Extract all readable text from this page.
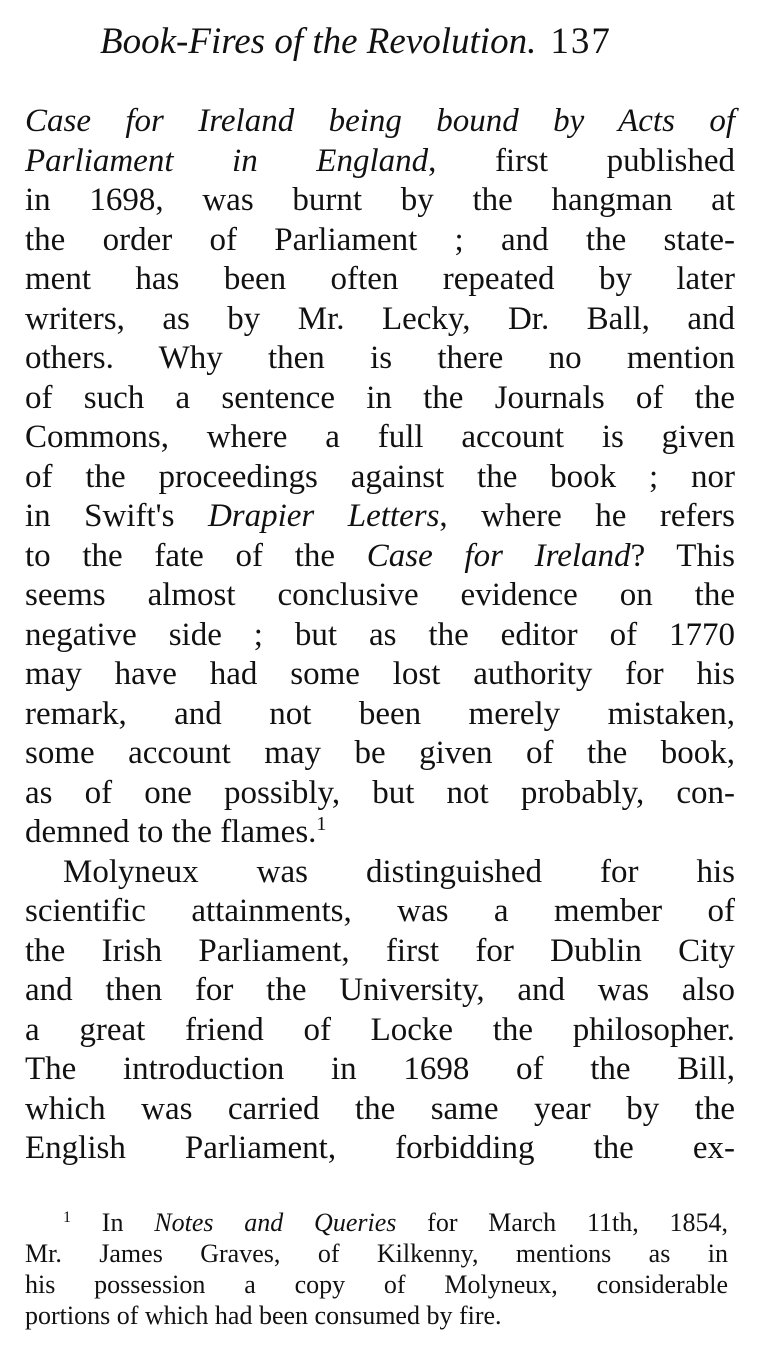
Book-Fires of the Revolution. 137
Case for Ireland being bound by Acts of
Parliament in England, first published
in 1698, was burnt by the hangman at
the order of Parliament ; and the state-
ment has been often repeated by later
writers, as by Mr. Lecky, Dr. Ball, and
others. Why then is there no mention
of such a sentence in the Journals of the
Commons, where a full account is given
of the proceedings against the book ; nor
in Swift's Drapier Letters, where he refers
to the fate of the Case for Ireland? This
seems almost conclusive evidence on the
negative side ; but as the editor of 1770
may have had some lost authority for his
remark, and not been merely mistaken,
some account may be given of the book,
as of one possibly, but not probably, con-
demned to the flames.$^1$
Molyneux was distinguished for his
scientific attainments, was a member of
the Irish Parliament, first for Dublin City
and then for the University, and was also
a great friend of Locke the philosopher.
The introduction in 1698 of the Bill,
which was carried the same year by the
English Parliament, forbidding the ex-
$^1$ In Notes and Queries for March 11th, 1854,
Mr. James Graves, of Kilkenny, mentions as in
his possession a copy of Molyneux, considerable
portions of which had been consumed by fire.
